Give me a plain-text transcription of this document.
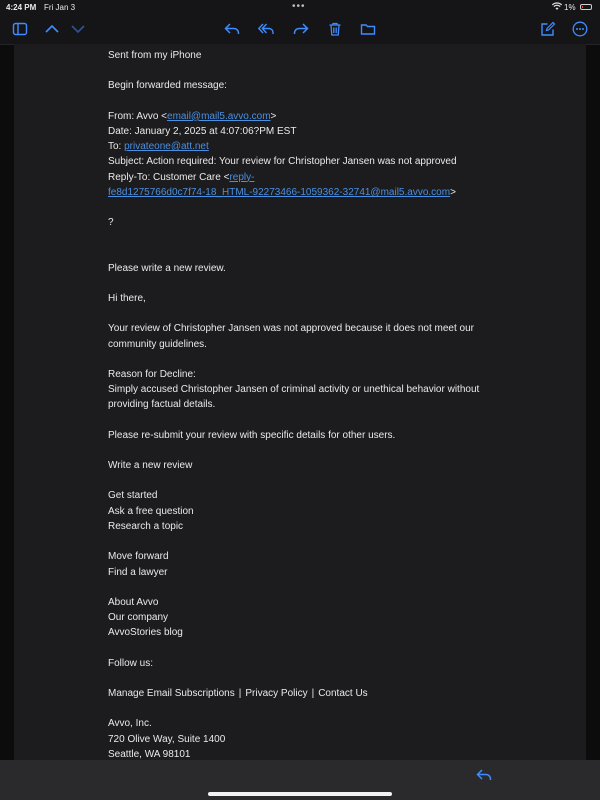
4:24 PM Fri Jan 3	•••	1%

Sent from my iPhone

Begin forwarded message:

From: Avvo <email@mail5.avvo.com>

Date: January 2, 2025 at 4:07:06?PM EST

To: privateone@att.net

Subject: Action required: Your review for Christopher Jansen was not approved

Reply-To: Customer Care <reply-

fe8d1275766d0c7f74-18_HTML-92273466-1059362-32741@mail5.avvo.com>

?

Please write a new review.

Hi there,

Your review of Christopher Jansen was not approved because it does not meet our

community guidelines.

Reason for Decline:

Simply accused Christopher Jansen of criminal activity or unethical behavior without

providing factual details.

Please re-submit your review with specific details for other users.

Write a new review

Get started

Ask a free question

Research a topic

Move forward

Find a lawyer

About Avvo

Our company

AvvoStories blog

Follow us:

Manage Email Subscriptions | Privacy Policy | Contact Us

Avvo, Inc.

720 Olive Way, Suite 1400

Seattle, WA 98101
